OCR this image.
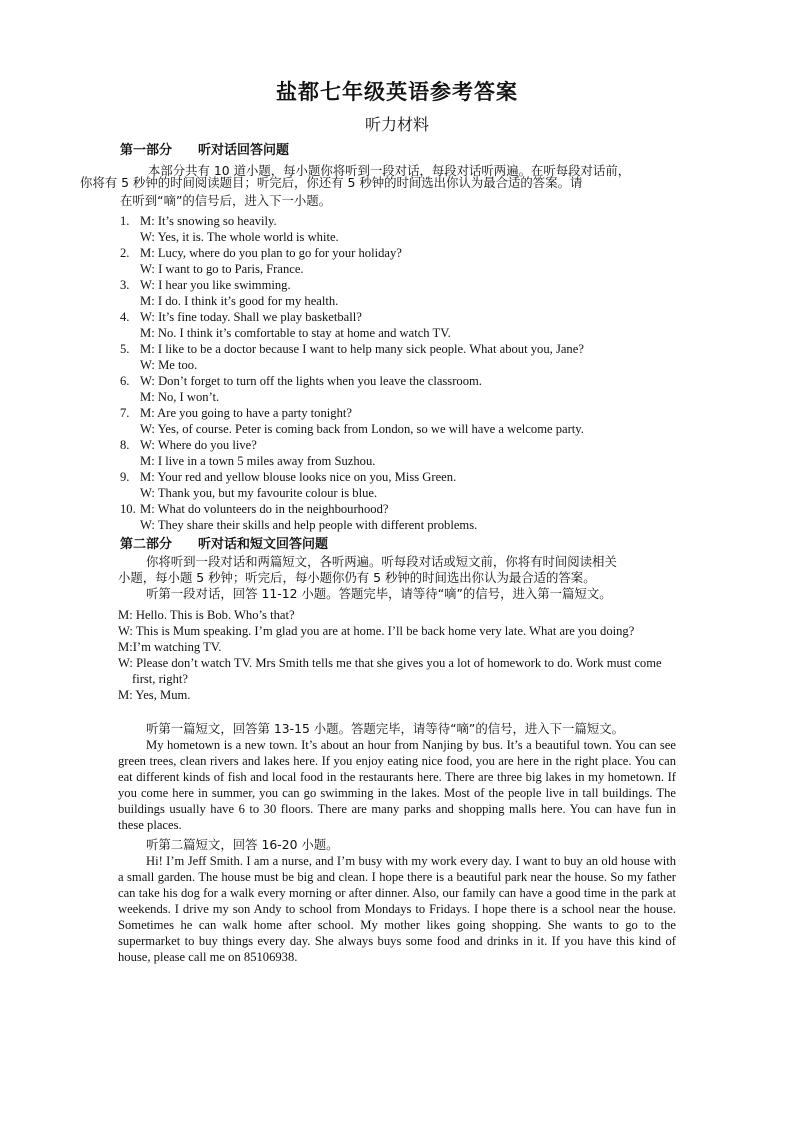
盐都七年级英语参考答案
听力材料
第一部分 听对话回答问题
本部分共有 10 道小题，每小题你将听到一段对话，每段对话听两遍。在听每段对话前，
你将有 5 秒钟的时间阅读题目；听完后，你还有 5 秒钟的时间选出你认为最合适的答案。请
在听到“嘀”的信号后，进入下一小题。
1. M: It’s snowing so heavily.
W: Yes, it is. The whole world is white.
2. M: Lucy, where do you plan to go for your holiday?
W: I want to go to Paris, France.
3. W: I hear you like swimming.
M: I do. I think it’s good for my health.
4. W: It’s fine today. Shall we play basketball?
M: No. I think it’s comfortable to stay at home and watch TV.
5. M: I like to be a doctor because I want to help many sick people. What about you, Jane?
W: Me too.
6. W: Don’t forget to turn off the lights when you leave the classroom.
M: No, I won’t.
7. M: Are you going to have a party tonight?
W: Yes, of course. Peter is coming back from London, so we will have a welcome party.
8. W: Where do you live?
M: I live in a town 5 miles away from Suzhou.
9. M: Your red and yellow blouse looks nice on you, Miss Green.
W: Thank you, but my favourite colour is blue.
10. M: What do volunteers do in the neighbourhood?
W: They share their skills and help people with different problems.
第二部分 听对话和短文回答问题

你将听到一段对话和两篇短文，各听两遍。听每段对话或短文前，你将有时间阅读相关

小题，每小题 5 秒钟；听完后，每小题你仍有 5 秒钟的时间选出你认为最合适的答案。

听第一段对话，回答 11-12 小题。答题完毕，请等待“嘀”的信号，进入第一篇短文。

M: Hello. This is Bob. Who’s that?

W: This is Mum speaking. I’m glad you are at home. I’ll be back home very late. What are you doing?

M:I’m watching TV.

W: Please don’t watch TV. Mrs Smith tells me that she gives you a lot of homework to do. Work must come first, right?

M: Yes, Mum.

听第一篇短文，回答第 13-15 小题。答题完毕，请等待“嘀”的信号，进入下一篇短文。

My hometown is a new town. It’s about an hour from Nanjing by bus. It’s a beautiful town. You can see green trees, clean rivers and lakes here. If you enjoy eating nice food, you are here in the right place. You can eat different kinds of fish and local food in the restaurants here. There are three big lakes in my hometown. If you come here in summer, you can go swimming in the lakes. Most of the people live in tall buildings. The buildings usually have 6 to 30 floors. There are many parks and shopping malls here. You can have fun in these places.

听第二篇短文，回答 16-20 小题。

Hi! I’m Jeff Smith. I am a nurse, and I’m busy with my work every day. I want to buy an old house with a small garden. The house must be big and clean. I hope there is a beautiful park near the house. So my father can take his dog for a walk every morning or after dinner. Also, our family can have a good time in the park at weekends. I drive my son Andy to school from Mondays to Fridays. I hope there is a school near the house. Sometimes he can walk home after school. My mother likes going shopping. She wants to go to the supermarket to buy things every day. She always buys some food and drinks in it. If you have this kind of house, please call me on 85106938.
